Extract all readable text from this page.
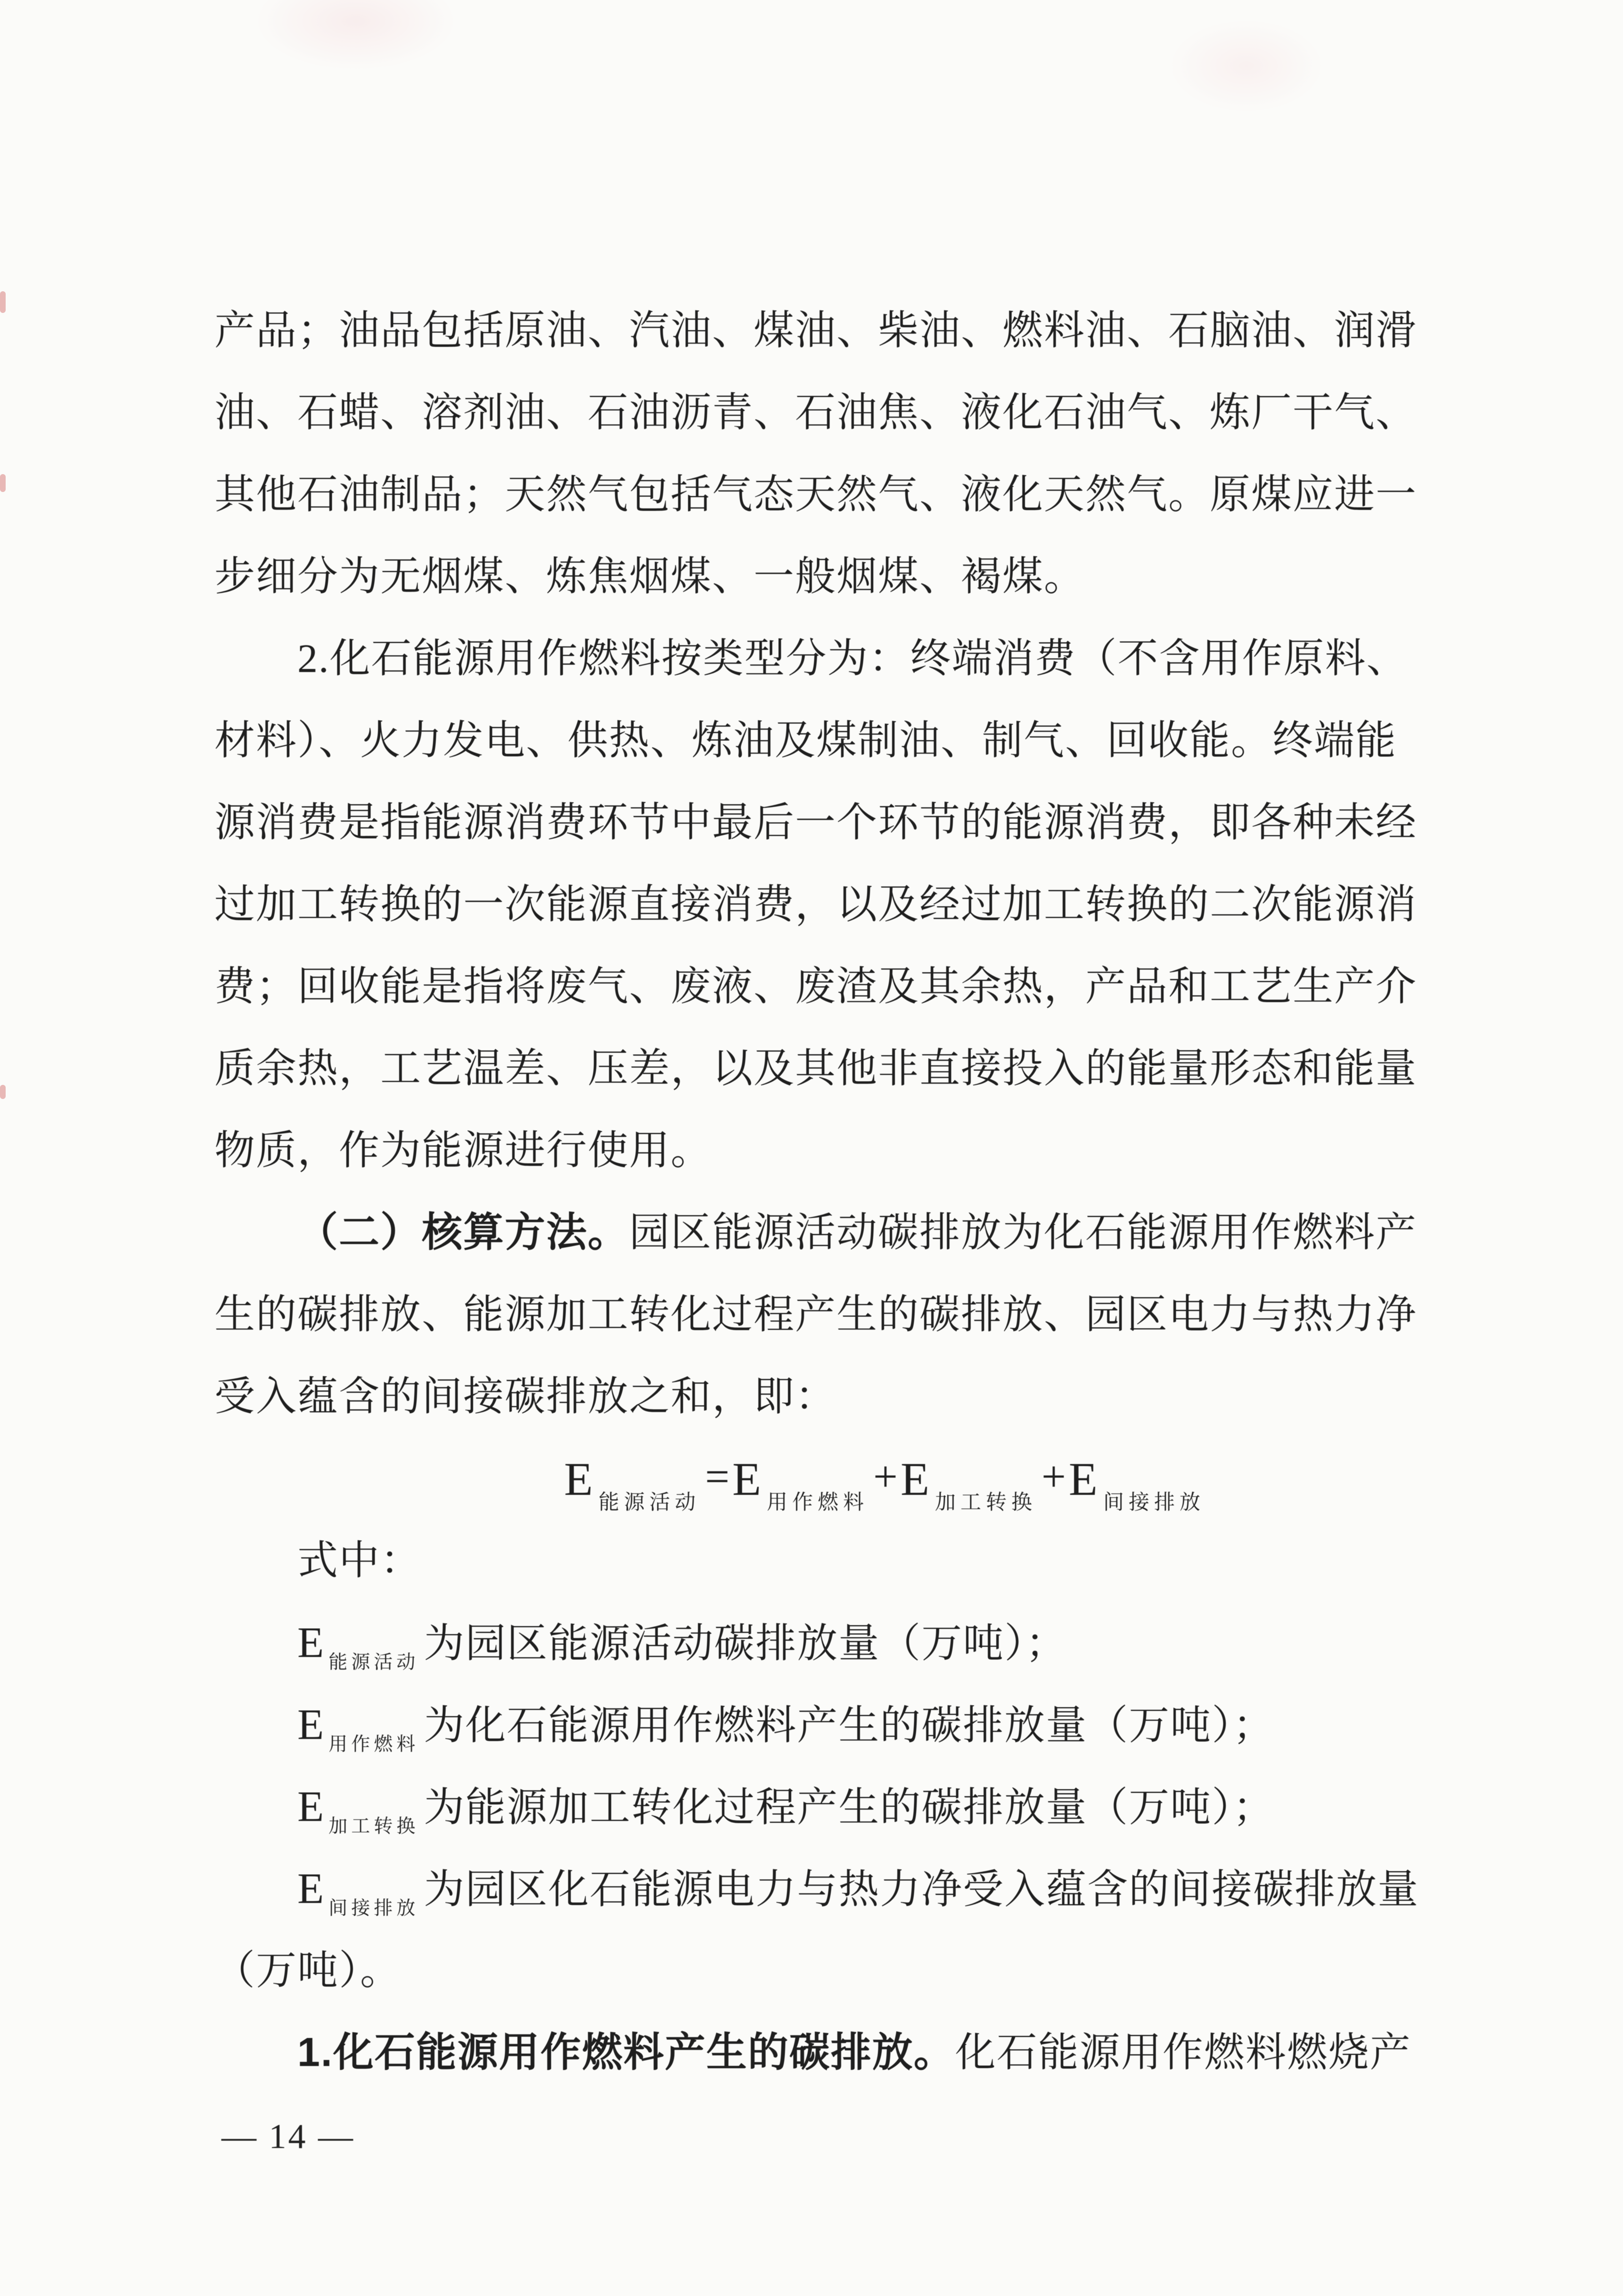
产品；油品包括原油、汽油、煤油、柴油、燃料油、石脑油、润滑
油、石蜡、溶剂油、石油沥青、石油焦、液化石油气、炼厂干气、
其他石油制品；天然气包括气态天然气、液化天然气。原煤应进一
步细分为无烟煤、炼焦烟煤、一般烟煤、褐煤。
2.化石能源用作燃料按类型分为：终端消费（不含用作原料、
材料）、火力发电、供热、炼油及煤制油、制气、回收能。终端能
源消费是指能源消费环节中最后一个环节的能源消费，即各种未经
过加工转换的一次能源直接消费，以及经过加工转换的二次能源消
费；回收能是指将废气、废液、废渣及其余热，产品和工艺生产介
质余热，工艺温差、压差，以及其他非直接投入的能量形态和能量
物质，作为能源进行使用。
（二）核算方法。园区能源活动碳排放为化石能源用作燃料产
生的碳排放、能源加工转化过程产生的碳排放、园区电力与热力净
受入蕴含的间接碳排放之和，即：
E $_{能源活动}$=E $_{用作燃料}$+E $_{加工转换}$+E $_{间接排放}$
式中：
E $_{能源活动}$ 为园区能源活动碳排放量（万吨）；
E $_{用作燃料}$ 为化石能源用作燃料产生的碳排放量（万吨）；
E $_{加工转换}$ 为能源加工转化过程产生的碳排放量（万吨）；
E $_{间接排放}$ 为园区化石能源电力与热力净受入蕴含的间接碳排放量
（万吨）。
1.化石能源用作燃料产生的碳排放。化石能源用作燃料燃烧产
— 14 —
